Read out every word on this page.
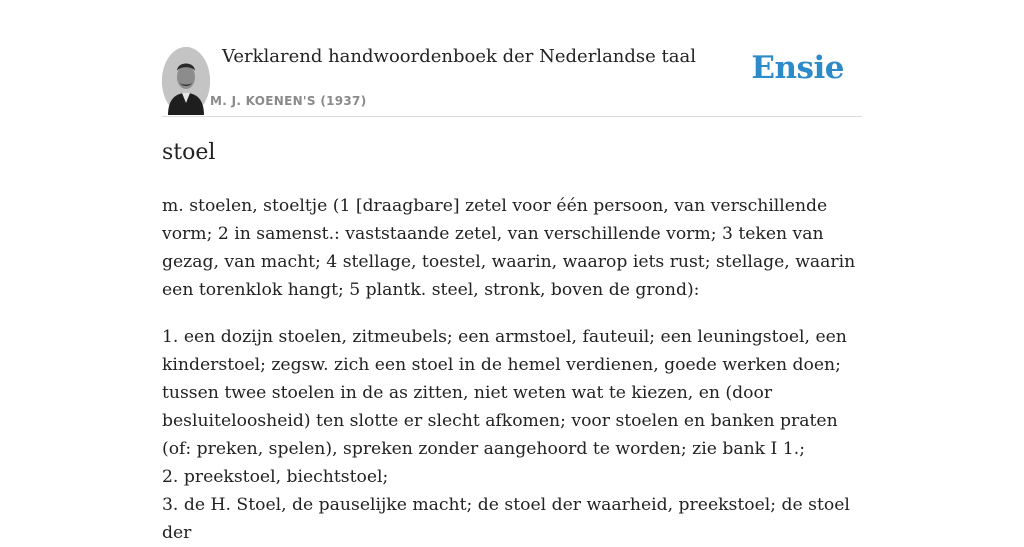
Verklarend handwoordenboek der Nederlandse taal
M. J. KOENEN'S (1937)
Ensie
stoel

m. stoelen, stoeltje (1 [draagbare] zetel voor één persoon, van verschillende vorm; 2 in samenst.: vaststaande zetel, van verschillende vorm; 3 teken van gezag, van macht; 4 stellage, toestel, waarin, waarop iets rust; stellage, waarin een torenklok hangt; 5 plantk. steel, stronk, boven de grond):

1. een dozijn stoelen, zitmeubels; een armstoel, fauteuil; een leuningstoel, een kinderstoel; zegsw. zich een stoel in de hemel verdienen, goede werken doen; tussen twee stoelen in de as zitten, niet weten wat te kiezen, en (door besluiteloosheid) ten slotte er slecht afkomen; voor stoelen en banken praten (of: preken, spelen), spreken zonder aangehoord te worden; zie bank I 1.;
2. preekstoel, biechtstoel;
3. de H. Stoel, de pauselijke macht; de stoel der waarheid, preekstoel; de stoel der
